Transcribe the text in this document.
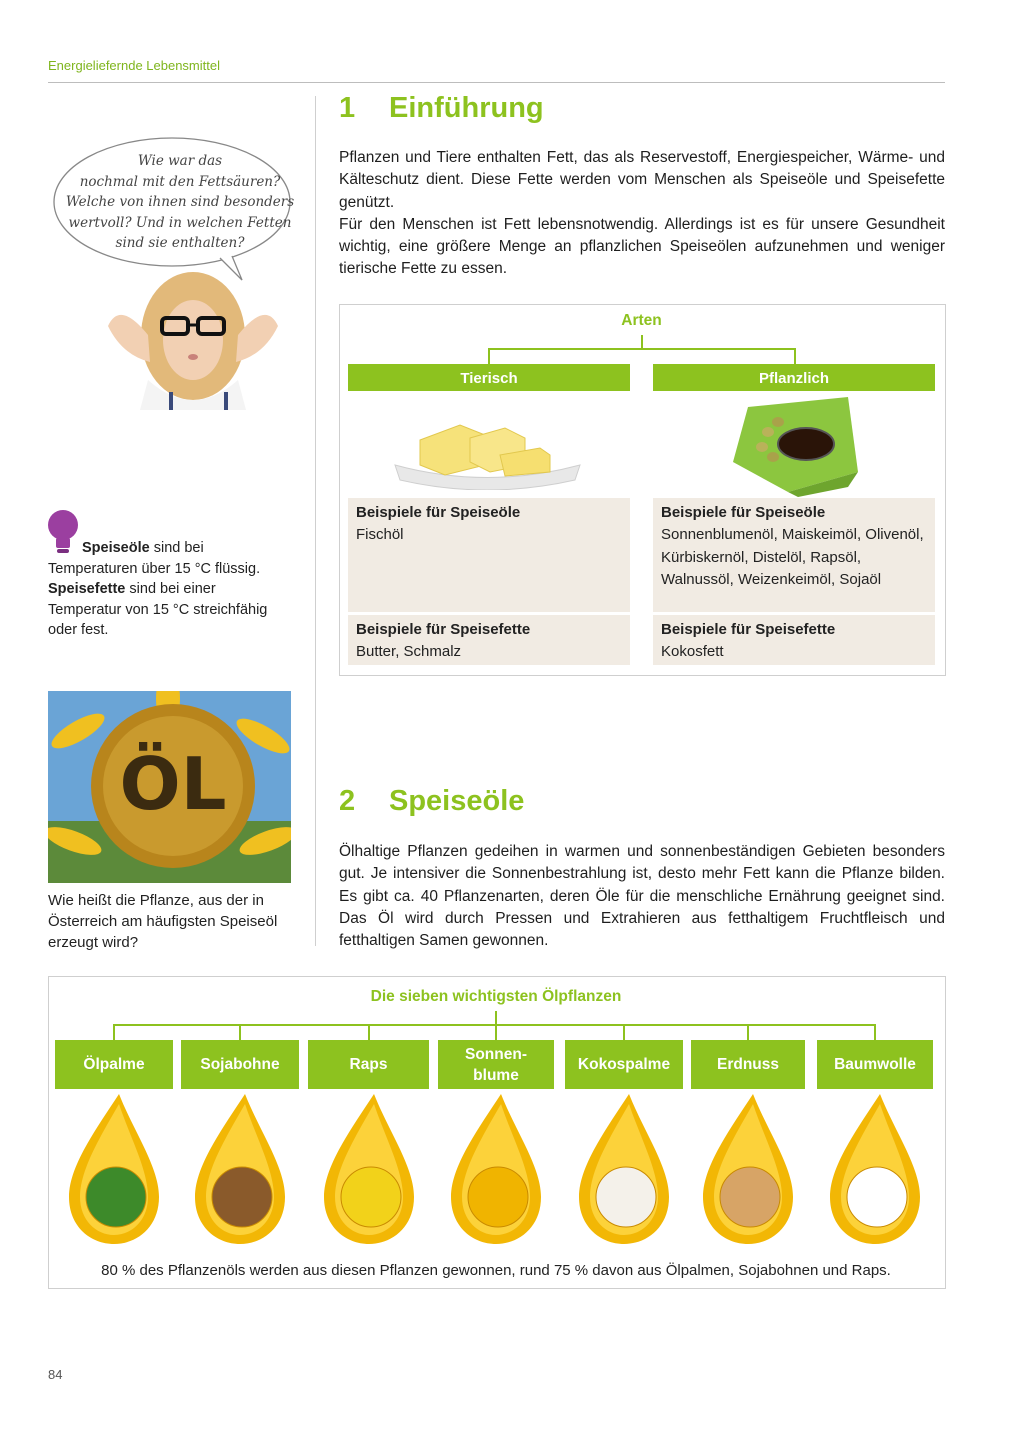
Energieliefernde Lebensmittel
Wie war das
nochmal mit den Fettsäuren?
Welche von ihnen sind besonders
wertvoll? Und in welchen Fetten
sind sie enthalten?
Speiseöle sind bei Temperaturen über 15 °C flüssig.
Speisefette sind bei einer Temperatur von 15 °C streichfähig oder fest.
ÖL
Wie heißt die Pflanze, aus der in Österreich am häufigsten Speiseöl erzeugt wird?
1 Einführung

Pflanzen und Tiere enthalten Fett, das als Reservestoff, Energiespeicher, Wärme- und Kälteschutz dient. Diese Fette werden vom Menschen als Speiseöle und Speisefette genützt.

Für den Menschen ist Fett lebensnotwendig. Allerdings ist es für unsere Gesundheit wichtig, eine größere Menge an pflanzlichen Speiseölen aufzunehmen und weniger tierische Fette zu essen.

Arten
Tierisch	Pflanzlich
Beispiele für Speiseöle
Fischöl
Beispiele für Speiseöle
Sonnenblumenöl, Maiskeimöl, Olivenöl, Kürbiskernöl, Distelöl, Rapsöl, Walnussöl, Weizenkeimöl, Sojaöl
Beispiele für Speisefette
Butter, Schmalz
Beispiele für Speisefette
Kokosfett
2 Speiseöle

Ölhaltige Pflanzen gedeihen in warmen und sonnenbeständigen Gebieten besonders gut. Je intensiver die Sonnenbestrahlung ist, desto mehr Fett kann die Pflanze bilden. Es gibt ca. 40 Pflanzenarten, deren Öle für die menschliche Ernährung geeignet sind. Das Öl wird durch Pressen und Extrahieren aus fetthaltigem Fruchtfleisch und fetthaltigen Samen gewonnen.

Die sieben wichtigsten Ölpflanzen
Ölpalme	Sojabohne	Raps
Sonnen-
blume
Kokospalme	Erdnuss	Baumwolle
80 % des Pflanzenöls werden aus diesen Pflanzen gewonnen, rund 75 % davon aus Ölpalmen, Sojabohnen und Raps.
84
